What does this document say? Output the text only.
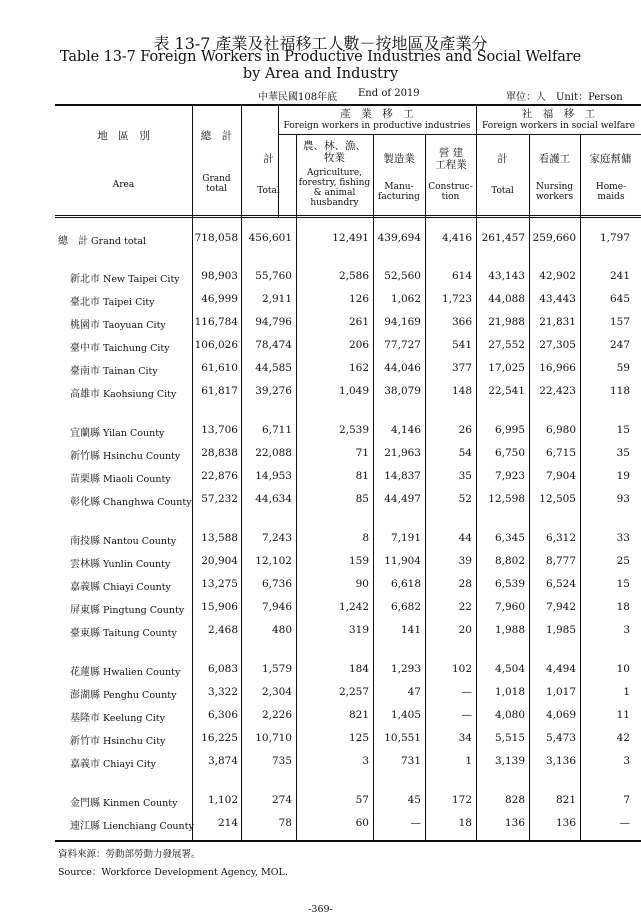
表 13-7 產業及社福移工人數－按地區及產業分
Table 13-7 Foreign Workers in Productive Industries and Social Welfare
by Area and Industry
中華民國108年底 End of 2019	單位：人　Unit：Person
地　區　別
Area
總　計
Grand total
產　業　移　工
Foreign workers in productive industries
社　福　移　工
Foreign workers in social welfare
計
Total
農、林、漁、牧業
Agriculture, forestry, fishing & animal husbandry
製造業
Manu- facturing
營 建 工程業
Construc- tion
計
Total
看護工
Nursing workers
家庭幫傭
Home- maids
總　計 Grand total	718,058 456,601	12,491 439,694 4,416 261,457 259,660 1,797
新北市 New Taipei City 98,903 55,760	2,586 52,560	614 43,143 42,902	241
臺北市 Taipei City	46,999 2,911	126 1,062 1,723 44,088 43,443	645
桃園市 Taoyuan City	116,784 94,796	261 94,169	366 21,988 21,831	157
臺中市 Taichung City 106,026 78,474	206 77,727	541 27,552 27,305	247
臺南市 Tainan City	61,610 44,585	162 44,046	377 17,025 16,966	59
高雄市 Kaohsiung City 61,817 39,276	1,049 38,079	148 22,541 22,423	118
宜蘭縣 Yilan County	13,706 6,711	2,539 4,146	26 6,995 6,980	15
新竹縣 Hsinchu County 28,838 22,088	71 21,963	54 6,750 6,715	35
苗栗縣 Miaoli County	22,876 14,953	81 14,837	35 7,923 7,904	19
彰化縣 Changhwa County 57,232 44,634	85 44,497	52 12,598 12,505	93
南投縣 Nantou County 13,588 7,243	8 7,191	44 6,345 6,312	33
雲林縣 Yunlin County	20,904 12,102	159 11,904	39 8,802 8,777	25
嘉義縣 Chiayi County	13,275 6,736	90 6,618	28 6,539 6,524	15
屏東縣 Pingtung County 15,906 7,946	1,242 6,682	22 7,960 7,942	18
臺東縣 Taitung County	2,468	480	319	141	20 1,988 1,985	3
花蓮縣 Hwalien County	6,083 1,579	184 1,293	102 4,504 4,494	10
澎湖縣 Penghu County	3,322 2,304	2,257	47	— 1,018 1,017	1
基隆市 Keelung City	6,306 2,226	821 1,405	— 4,080 4,069	11
新竹市 Hsinchu City	16,225 10,710	125 10,551	34 5,515 5,473	42
嘉義市 Chiayi City	3,874	735	3	731	1 3,139 3,136	3
金門縣 Kinmen County	1,102	274	57	45	172	828	821	7
連江縣 Lienchiang County 214	78	60	—	18	136	136	—
資料來源：勞動部勞動力發展署。
Source：Workforce Development Agency, MOL.
-369-
